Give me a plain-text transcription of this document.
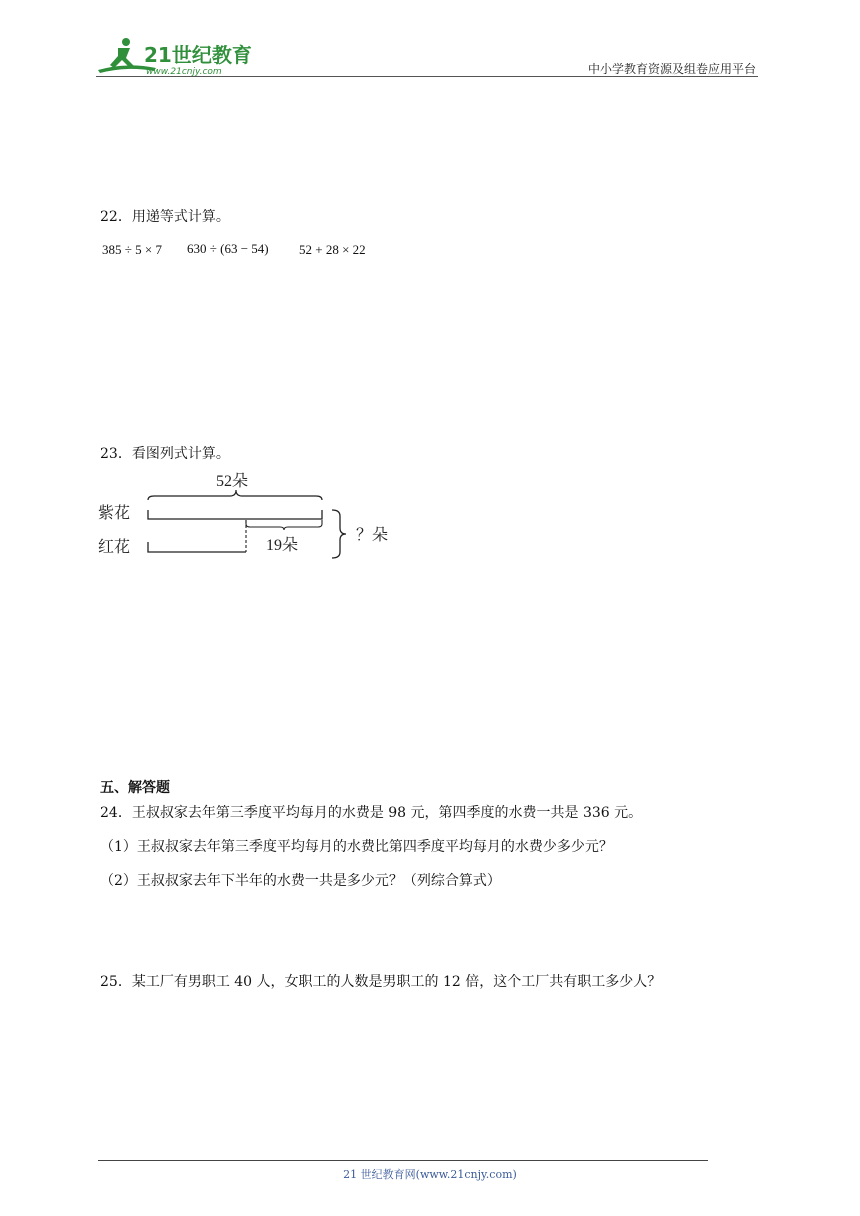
21世纪教育
www.21cnjy.com	中小学教育资源及组卷应用平台
22．用递等式计算。
385 ÷ 5 × 7 630 ÷ (63 − 54) 52 + 28 × 22
23．看图列式计算。
52朵
紫花
红花	19朵
？朵
五、解答题
24．王叔叔家去年第三季度平均每月的水费是 98 元，第四季度的水费一共是 336 元。
（1）王叔叔家去年第三季度平均每月的水费比第四季度平均每月的水费少多少元？
（2）王叔叔家去年下半年的水费一共是多少元？（列综合算式）
25．某工厂有男职工 40 人，女职工的人数是男职工的 12 倍，这个工厂共有职工多少人？
21 世纪教育网(www.21cnjy.com)
